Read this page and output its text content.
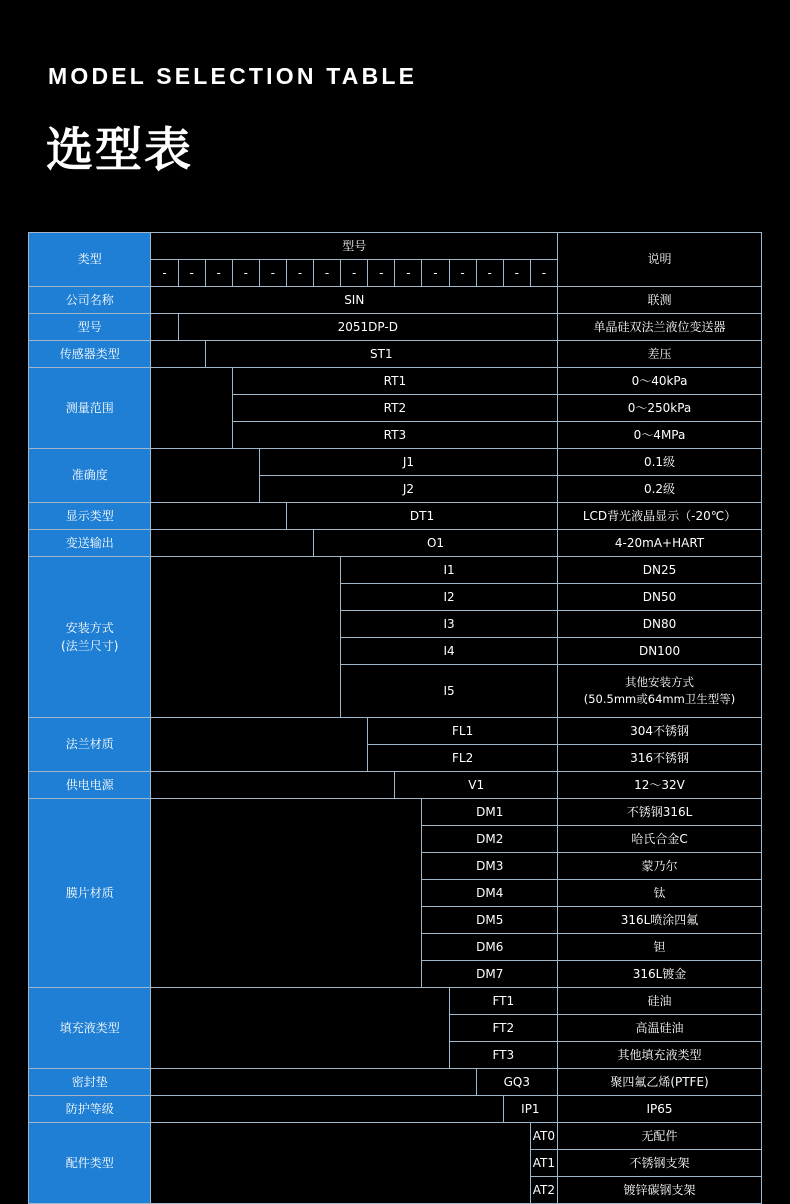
MODEL SELECTION TABLE
选型表
类型	型号															说明
	-	-	-	-	-	-	-	-	-	-	-	-	-	-	-	
公司名称	SIN															联测
型号		2051DP-D														单晶硅双法兰液位变送器
传感器类型			ST1													差压
测量范围				RT1												0～40kPa
				RT2												0～250kPa
				RT3												0～4MPa
准确度					J1											0.1级
					J2											0.2级
显示类型						DT1										LCD背光液晶显示（-20℃）
变送输出							O1									4-20mA+HART
安装方式
(法兰尺寸)								I1								DN25
								I2								DN50
								I3								DN80
								I4								DN100
								I5								其他安装方式
(50.5mm或64mm卫生型等)
法兰材质									FL1							304不锈钢
									FL2							316不锈钢
供电电源										V1						12～32V
膜片材质											DM1					不锈钢316L
											DM2					哈氏合金C
											DM3					蒙乃尔
											DM4					钛
											DM5					316L喷涂四氟
											DM6					钽
											DM7					316L镀金
填充液类型												FT1				硅油
												FT2				高温硅油
												FT3				其他填充液类型
密封垫													GQ3			聚四氟乙烯(PTFE)
防护等级														IP1		IP65
配件类型															AT0	无配件
															AT1	不锈钢支架
															AT2	镀锌碳钢支架
